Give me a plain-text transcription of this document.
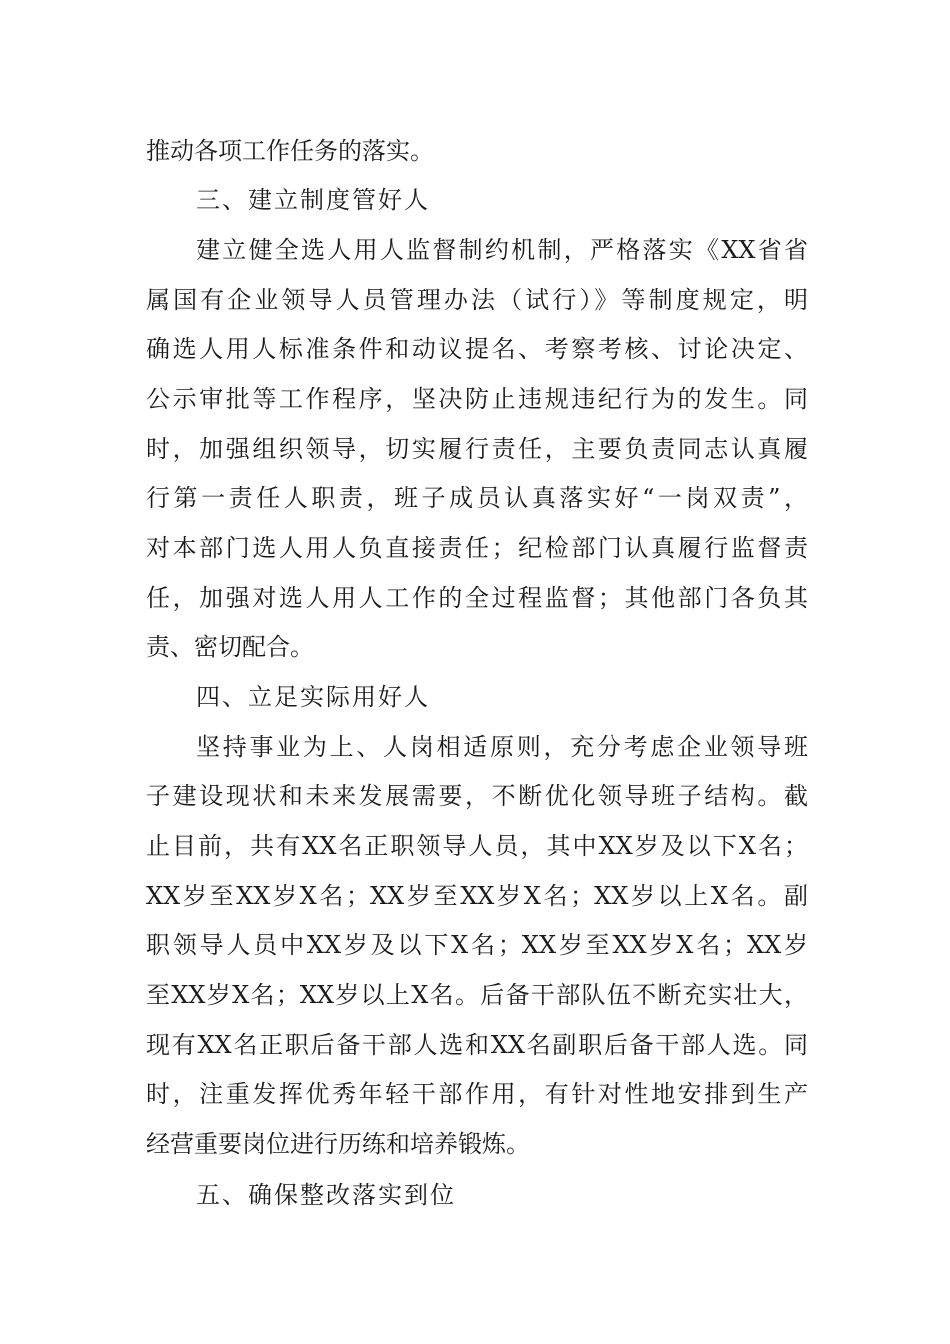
推动各项工作任务的落实。
三、建立制度管好人
建立健全选人用人监督制约机制，严格落实《XX省省
属国有企业领导人员管理办法（试行）》等制度规定，明
确选人用人标准条件和动议提名、考察考核、讨论决定、
公示审批等工作程序，坚决防止违规违纪行为的发生。同
时，加强组织领导，切实履行责任，主要负责同志认真履
行第一责任人职责，班子成员认真落实好“一岗双责”，
对本部门选人用人负直接责任；纪检部门认真履行监督责
任，加强对选人用人工作的全过程监督；其他部门各负其
责、密切配合。
四、立足实际用好人
坚持事业为上、人岗相适原则，充分考虑企业领导班
子建设现状和未来发展需要，不断优化领导班子结构。截
止目前，共有XX名正职领导人员，其中XX岁及以下X名；
XX岁至XX岁X名；XX岁至XX岁X名；XX岁以上X名。副
职领导人员中XX岁及以下X名；XX岁至XX岁X名；XX岁
至XX岁X名；XX岁以上X名。后备干部队伍不断充实壮大，
现有XX名正职后备干部人选和XX名副职后备干部人选。同
时，注重发挥优秀年轻干部作用，有针对性地安排到生产
经营重要岗位进行历练和培养锻炼。
五、确保整改落实到位
